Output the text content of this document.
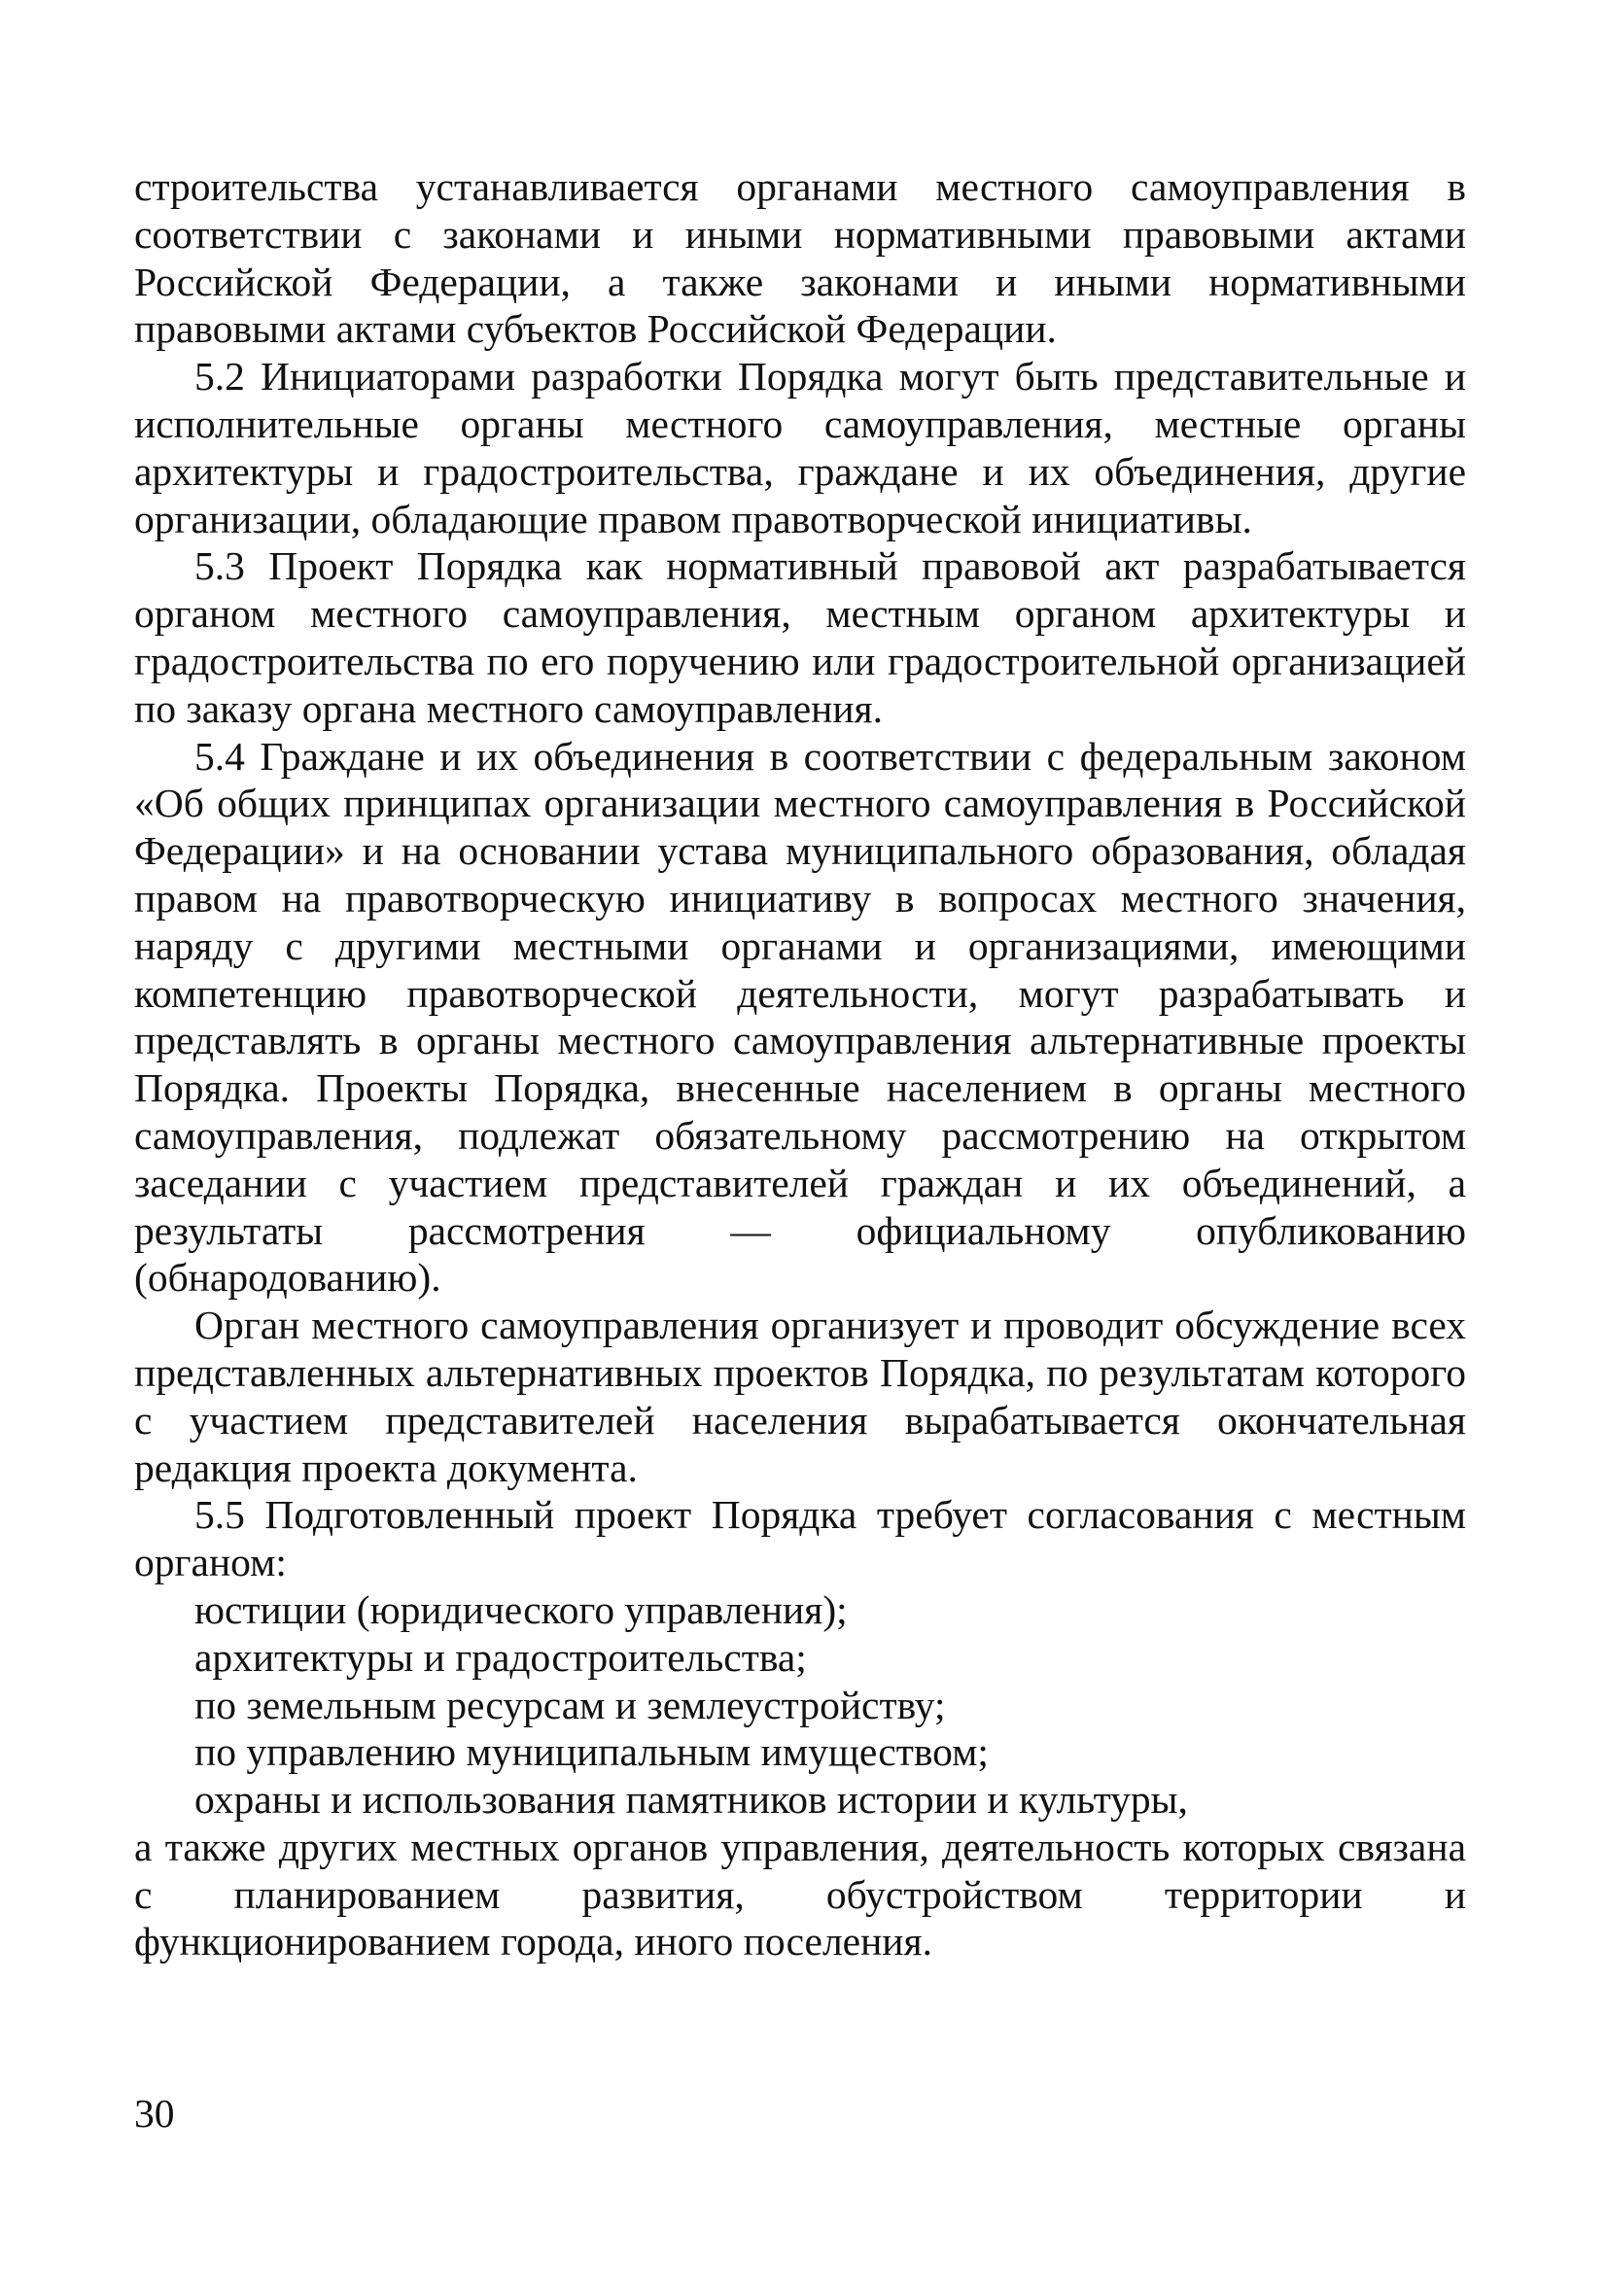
строительства устанавливается органами местного самоуправления в соответствии с законами и иными нормативными правовыми актами Российской Федерации, а также законами и иными нормативными правовыми актами субъектов Российской Федерации.

5.2 Инициаторами разработки Порядка могут быть представительные и исполнительные органы местного самоуправления, местные органы архитектуры и градостроительства, граждане и их объединения, другие организации, обладающие правом правотворческой инициативы.

5.3 Проект Порядка как нормативный правовой акт разрабатывается органом местного самоуправления, местным органом архитектуры и градостроительства по его поручению или градостроительной организацией по заказу органа местного самоуправления.

5.4 Граждане и их объединения в соответствии с федеральным законом «Об общих принципах организации местного самоуправления в Российской Федерации» и на основании устава муниципального образования, обладая правом на правотворческую инициативу в вопросах местного значения, наряду с другими местными органами и организациями, имеющими компетенцию правотворческой деятельности, могут разрабатывать и представлять в органы местного самоуправления альтернативные проекты Порядка. Проекты Порядка, внесенные населением в органы местного самоуправления, подлежат обязательному рассмотрению на открытом заседании с участием представителей граждан и их объединений, а результаты рассмотрения — официальному опубликованию (обнародованию).

Орган местного самоуправления организует и проводит обсуждение всех представленных альтернативных проектов Порядка, по результатам которого с участием представителей населения вырабатывается окончательная редакция проекта документа.

5.5 Подготовленный проект Порядка требует согласования с местным органом:

юстиции (юридического управления);
архитектуры и градостроительства;
по земельным ресурсам и землеустройству;
по управлению муниципальным имуществом;
охраны и использования памятников истории и культуры,

а также других местных органов управления, деятельность которых связана с планированием развития, обустройством территории и функционированием города, иного поселения.

30
